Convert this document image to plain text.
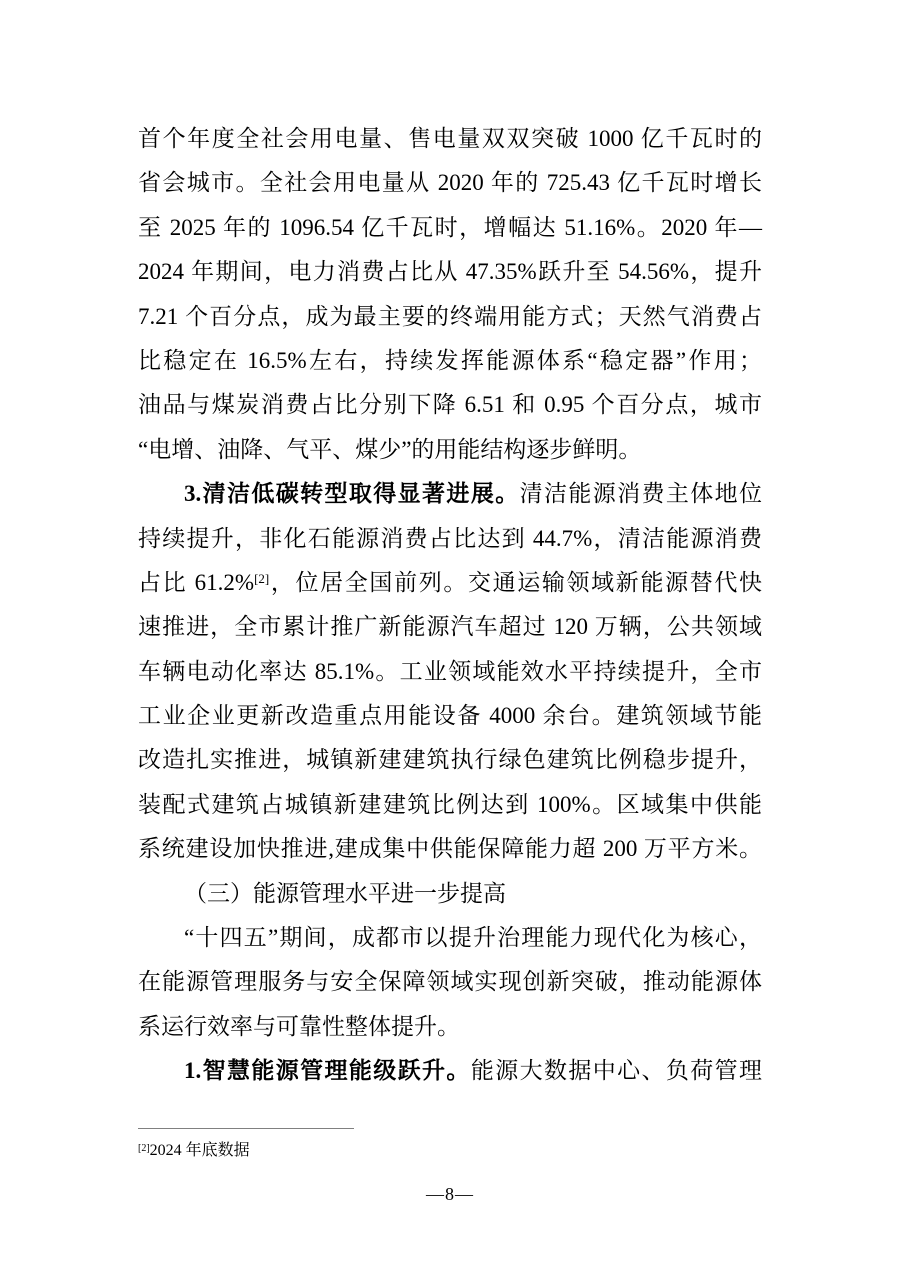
首个年度全社会用电量、售电量双双突破 1000 亿千瓦时的
省会城市。全社会用电量从 2020 年的 725.43 亿千瓦时增长
至 2025 年的 1096.54 亿千瓦时，增幅达 51.16%。2020 年—
2024 年期间，电力消费占比从 47.35%跃升至 54.56%，提升
7.21 个百分点，成为最主要的终端用能方式；天然气消费占
比稳定在 16.5%左右，持续发挥能源体系“稳定器”作用；
油品与煤炭消费占比分别下降 6.51 和 0.95 个百分点，城市
“电增、油降、气平、煤少”的用能结构逐步鲜明。
3.清洁低碳转型取得显著进展。清洁能源消费主体地位
持续提升，非化石能源消费占比达到 44.7%，清洁能源消费
占比 61.2%[2]，位居全国前列。交通运输领域新能源替代快
速推进，全市累计推广新能源汽车超过 120 万辆，公共领域
车辆电动化率达 85.1%。工业领域能效水平持续提升，全市
工业企业更新改造重点用能设备 4000 余台。建筑领域节能
改造扎实推进，城镇新建建筑执行绿色建筑比例稳步提升，
装配式建筑占城镇新建建筑比例达到 100%。区域集中供能
系统建设加快推进,建成集中供能保障能力超 200 万平方米。
（三）能源管理水平进一步提高
“十四五”期间，成都市以提升治理能力现代化为核心，
在能源管理服务与安全保障领域实现创新突破，推动能源体
系运行效率与可靠性整体提升。
1.智慧能源管理能级跃升。能源大数据中心、负荷管理
[2]2024 年底数据
—8—
